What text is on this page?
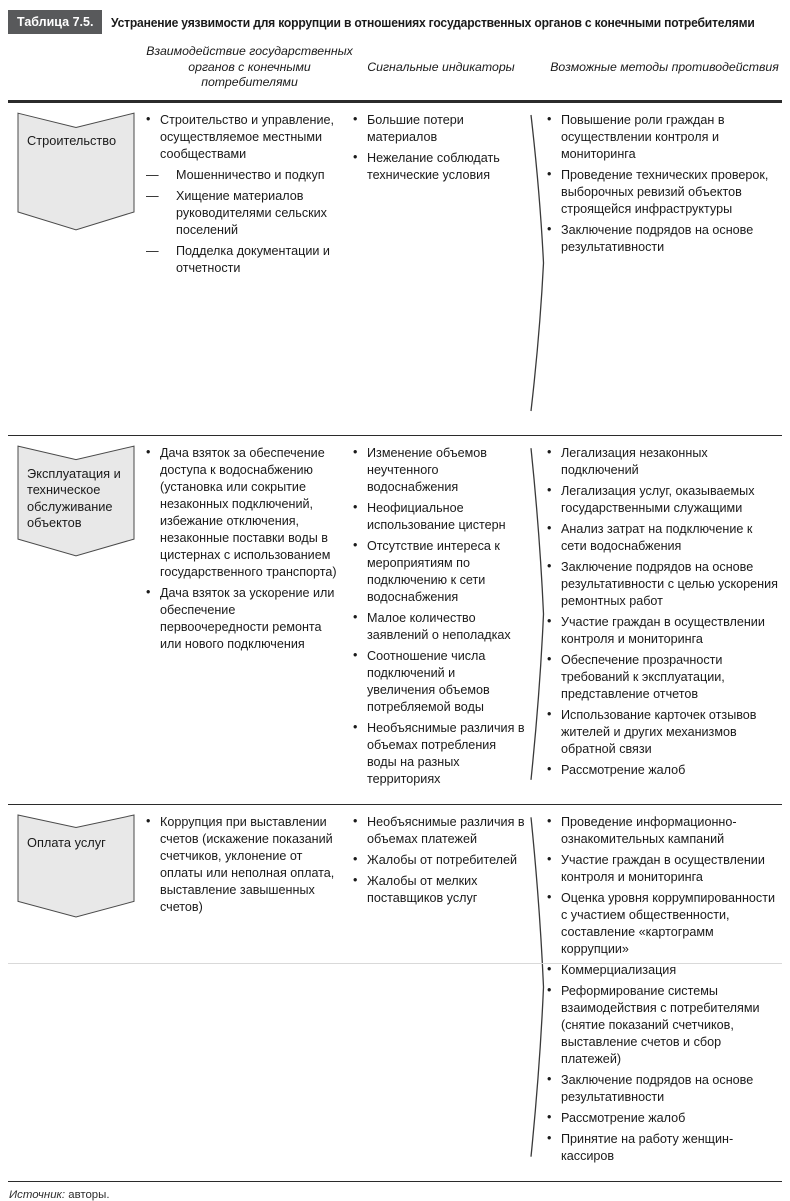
Таблица 7.5.	Устранение уязвимости для коррупции в отношениях государственных органов с конечными потребителями
Взаимодействие государственных органов с конечными потребителями
Сигнальные индикаторы	Возможные методы противодействия
Строительство
• Строительство и управление, осуществляемое местными сообществами
— Мошенничество и подкуп
— Хищение материалов руководителями сельских поселений
— Подделка документации и отчетности
• Большие потери материалов
• Нежелание соблюдать технические условия
• Повышение роли граждан в осуществлении контроля и мониторинга
• Проведение технических проверок, выборочных ревизий объектов строящейся инфраструктуры
• Заключение подрядов на основе результативности
Эксплуатация и техническое обслуживание объектов
• Дача взяток за обеспечение доступа к водоснабжению (установка или сокрытие незаконных подключений, избежание отключения, незаконные поставки воды в цистернах с использованием государственного транспорта)
• Дача взяток за ускорение или обеспечение первоочередности ремонта или нового подключения
• Изменение объемов неучтенного водоснабжения
• Неофициальное использование цистерн
• Отсутствие интереса к мероприятиям по подключению к сети водоснабжения
• Малое количество заявлений о неполадках
• Соотношение числа подключений и увеличения объемов потребляемой воды
• Необъяснимые различия в объемах потребления воды на разных территориях
• Легализация незаконных подключений
• Легализация услуг, оказываемых государственными служащими
• Анализ затрат на подключение к сети водоснабжения
• Заключение подрядов на основе результативности с целью ускорения ремонтных работ
• Участие граждан в осуществлении контроля и мониторинга
• Обеспечение прозрачности требований к эксплуатации, представление отчетов
• Использование карточек отзывов жителей и других механизмов обратной связи
• Рассмотрение жалоб
Оплата услуг
• Коррупция при выставлении счетов (искажение показаний счетчиков, уклонение от оплаты или неполная оплата, выставление завышенных счетов)
• Необъяснимые различия в объемах платежей
• Жалобы от потребителей
• Жалобы от мелких поставщиков услуг
• Проведение информационно-ознакомительных кампаний
• Участие граждан в осуществлении контроля и мониторинга
• Оценка уровня коррумпированности с участием общественности, составление «картограмм коррупции»
• Коммерциализация
• Реформирование системы взаимодействия с потребителями (снятие показаний счетчиков, выставление счетов и сбор платежей)
• Заключение подрядов на основе результативности
• Рассмотрение жалоб
• Принятие на работу женщин-кассиров
Источник: авторы.
